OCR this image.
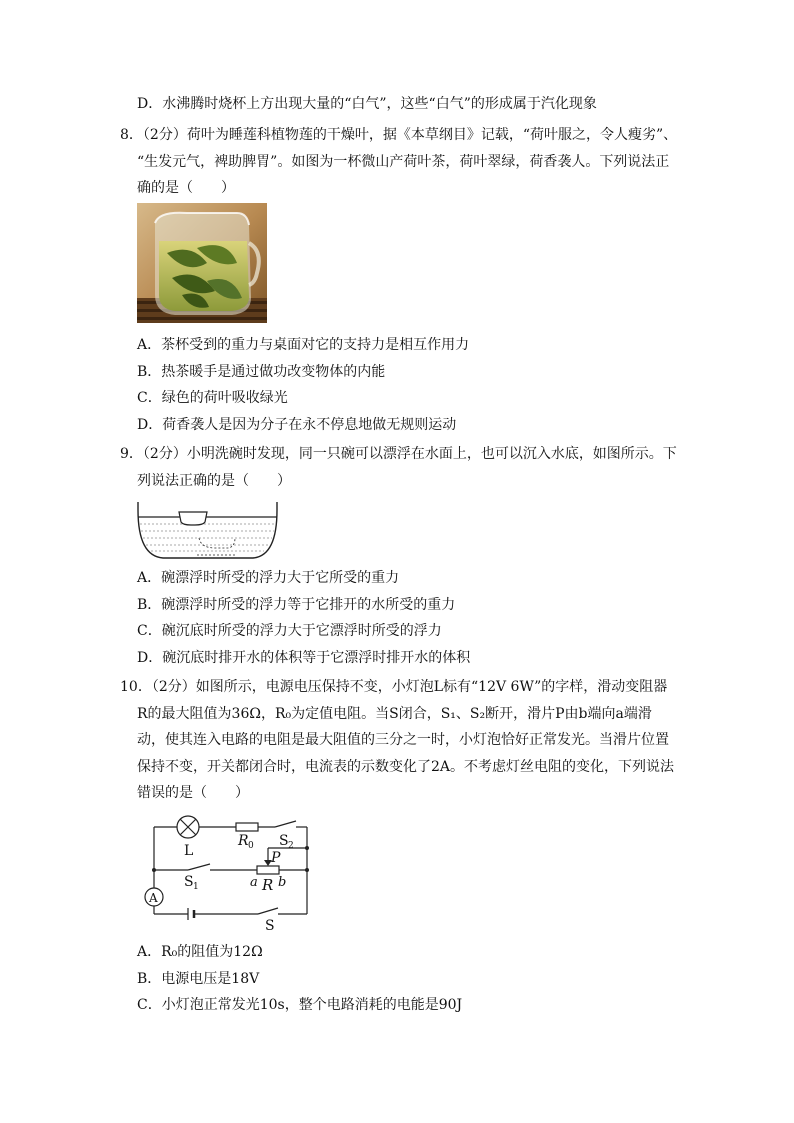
D．水沸腾时烧杯上方出现大量的“白气”，这些“白气”的形成属于汽化现象
8．（2分）荷叶为睡莲科植物莲的干燥叶，据《本草纲目》记载，“荷叶服之，令人瘦劣”、
“生发元气，裨助脾胃”。如图为一杯微山产荷叶茶，荷叶翠绿，荷香袭人。下列说法正
确的是（　　）
A．茶杯受到的重力与桌面对它的支持力是相互作用力
B．热茶暖手是通过做功改变物体的内能
C．绿色的荷叶吸收绿光
D．荷香袭人是因为分子在永不停息地做无规则运动
9．（2分）小明洗碗时发现，同一只碗可以漂浮在水面上，也可以沉入水底，如图所示。下
列说法正确的是（　　）
A．碗漂浮时所受的浮力大于它所受的重力
B．碗漂浮时所受的浮力等于它排开的水所受的重力
C．碗沉底时所受的浮力大于它漂浮时所受的浮力
D．碗沉底时排开水的体积等于它漂浮时排开水的体积
10．（2分）如图所示，电源电压保持不变，小灯泡L标有“12V 6W”的字样，滑动变阻器
R的最大阻值为36Ω，R₀为定值电阻。当S闭合，S₁、S₂断开，滑片P由b端向a端滑
动，使其连入电路的电阻是最大阻值的三分之一时，小灯泡恰好正常发光。当滑片位置
保持不变，开关都闭合时，电流表的示数变化了2A。不考虑灯丝电阻的变化，下列说法
错误的是（　　）
L
R 0 S 2
P
S 1	a R b
A
S
A．R₀的阻值为12Ω
B．电源电压是18V
C．小灯泡正常发光10s，整个电路消耗的电能是90J
